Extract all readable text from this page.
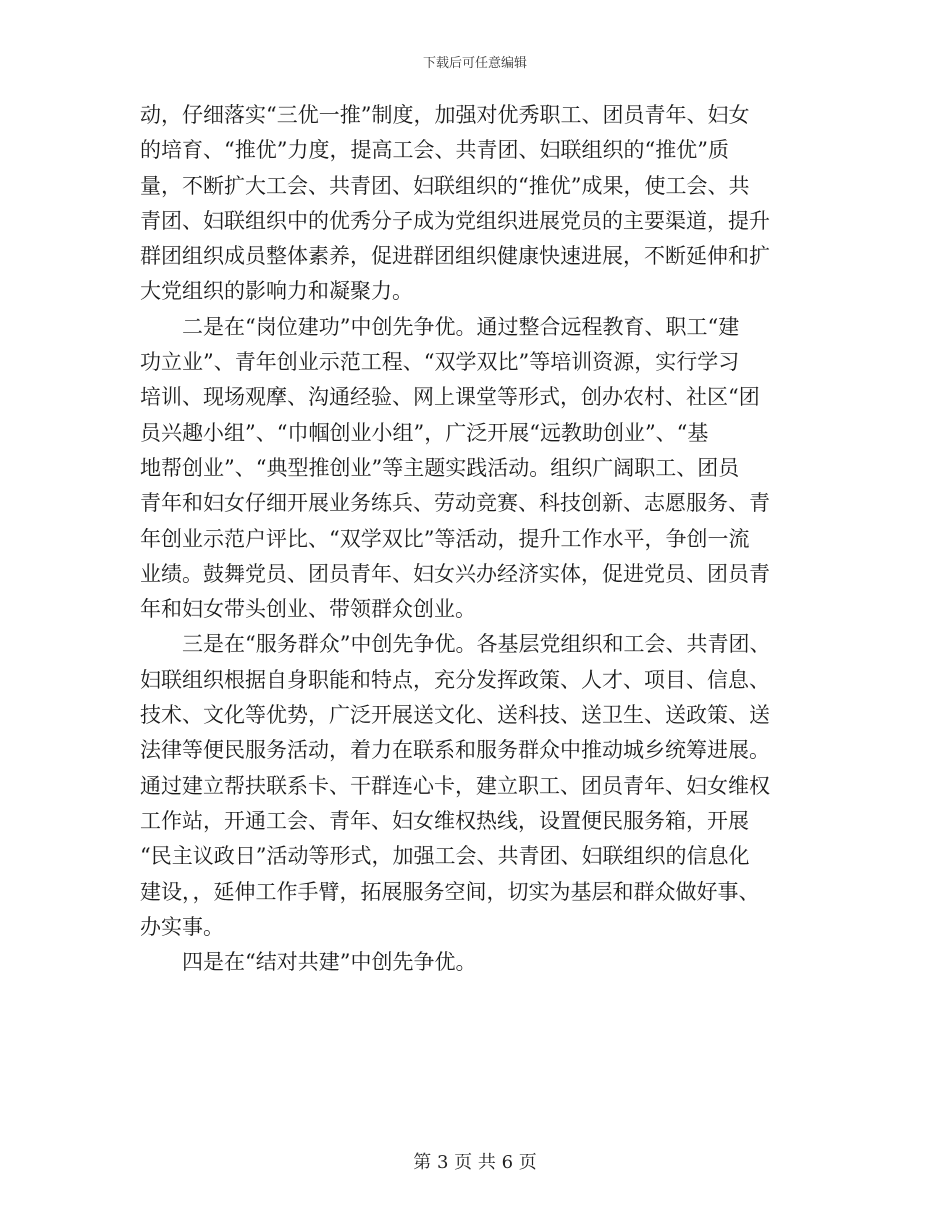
下载后可任意编辑
动，仔细落实“三优一推”制度，加强对优秀职工、团员青年、妇女
的培育、“推优”力度，提高工会、共青团、妇联组织的“推优”质
量，不断扩大工会、共青团、妇联组织的“推优”成果，使工会、共
青团、妇联组织中的优秀分子成为党组织进展党员的主要渠道，提升
群团组织成员整体素养，促进群团组织健康快速进展，不断延伸和扩
大党组织的影响力和凝聚力。
　　二是在“岗位建功”中创先争优。通过整合远程教育、职工“建
功立业”、青年创业示范工程、“双学双比”等培训资源，实行学习
培训、现场观摩、沟通经验、网上课堂等形式，创办农村、社区“团
员兴趣小组”、“巾帼创业小组”，广泛开展“远教助创业”、“基
地帮创业”、“典型推创业”等主题实践活动。组织广阔职工、团员
青年和妇女仔细开展业务练兵、劳动竞赛、科技创新、志愿服务、青
年创业示范户评比、“双学双比”等活动，提升工作水平，争创一流
业绩。鼓舞党员、团员青年、妇女兴办经济实体，促进党员、团员青
年和妇女带头创业、带领群众创业。
　　三是在“服务群众”中创先争优。各基层党组织和工会、共青团、
妇联组织根据自身职能和特点，充分发挥政策、人才、项目、信息、
技术、文化等优势，广泛开展送文化、送科技、送卫生、送政策、送
法律等便民服务活动，着力在联系和服务群众中推动城乡统筹进展。
通过建立帮扶联系卡、干群连心卡，建立职工、团员青年、妇女维权
工作站，开通工会、青年、妇女维权热线，设置便民服务箱，开展
“民主议政日”活动等形式，加强工会、共青团、妇联组织的信息化
建设，，延伸工作手臂，拓展服务空间，切实为基层和群众做好事、
办实事。
　　四是在“结对共建”中创先争优。
第 3 页 共 6 页
